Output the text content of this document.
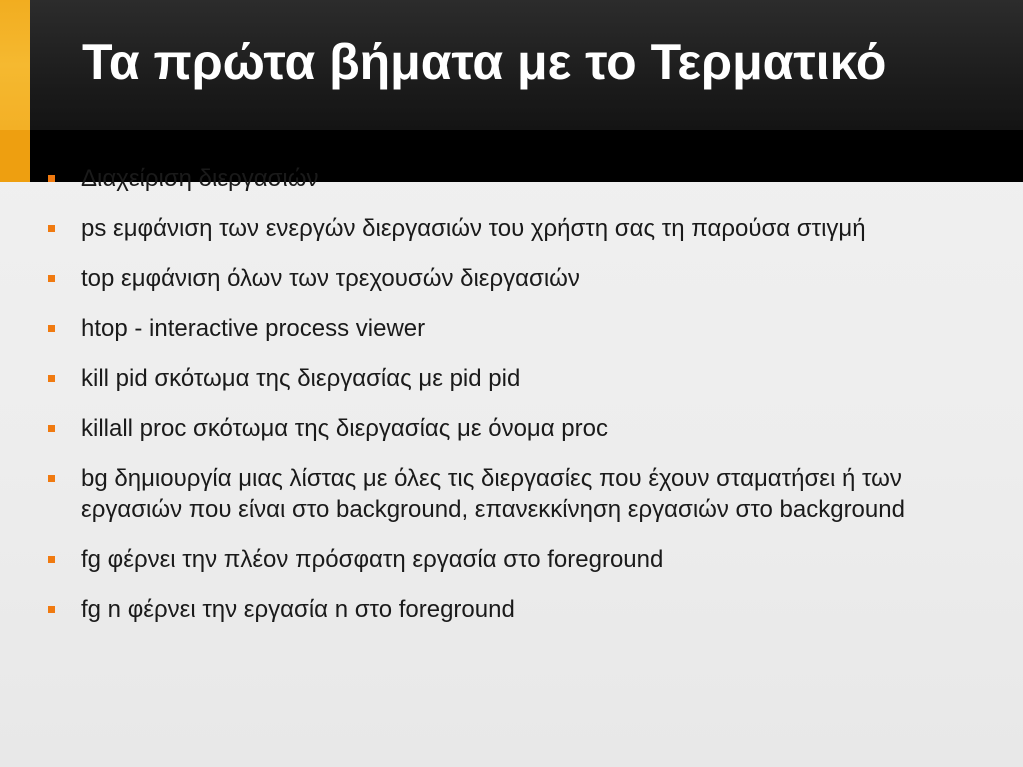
Τα πρώτα βήματα με το Τερματικό
Διαχείριση διεργασιών
ps εμφάνιση των ενεργών διεργασιών του χρήστη σας τη παρούσα στιγμή
top εμφάνιση όλων των τρεχουσών διεργασιών
htop - interactive process viewer
kill pid σκότωμα της διεργασίας με pid pid
killall proc σκότωμα της διεργασίας με όνομα proc
bg δημιουργία μιας λίστας με όλες τις διεργασίες που έχουν σταματήσει ή των εργασιών που είναι στο background, επανεκκίνηση εργασιών στο background
fg φέρνει την πλέον πρόσφατη εργασία στο foreground
fg n φέρνει την εργασία n στο foreground
